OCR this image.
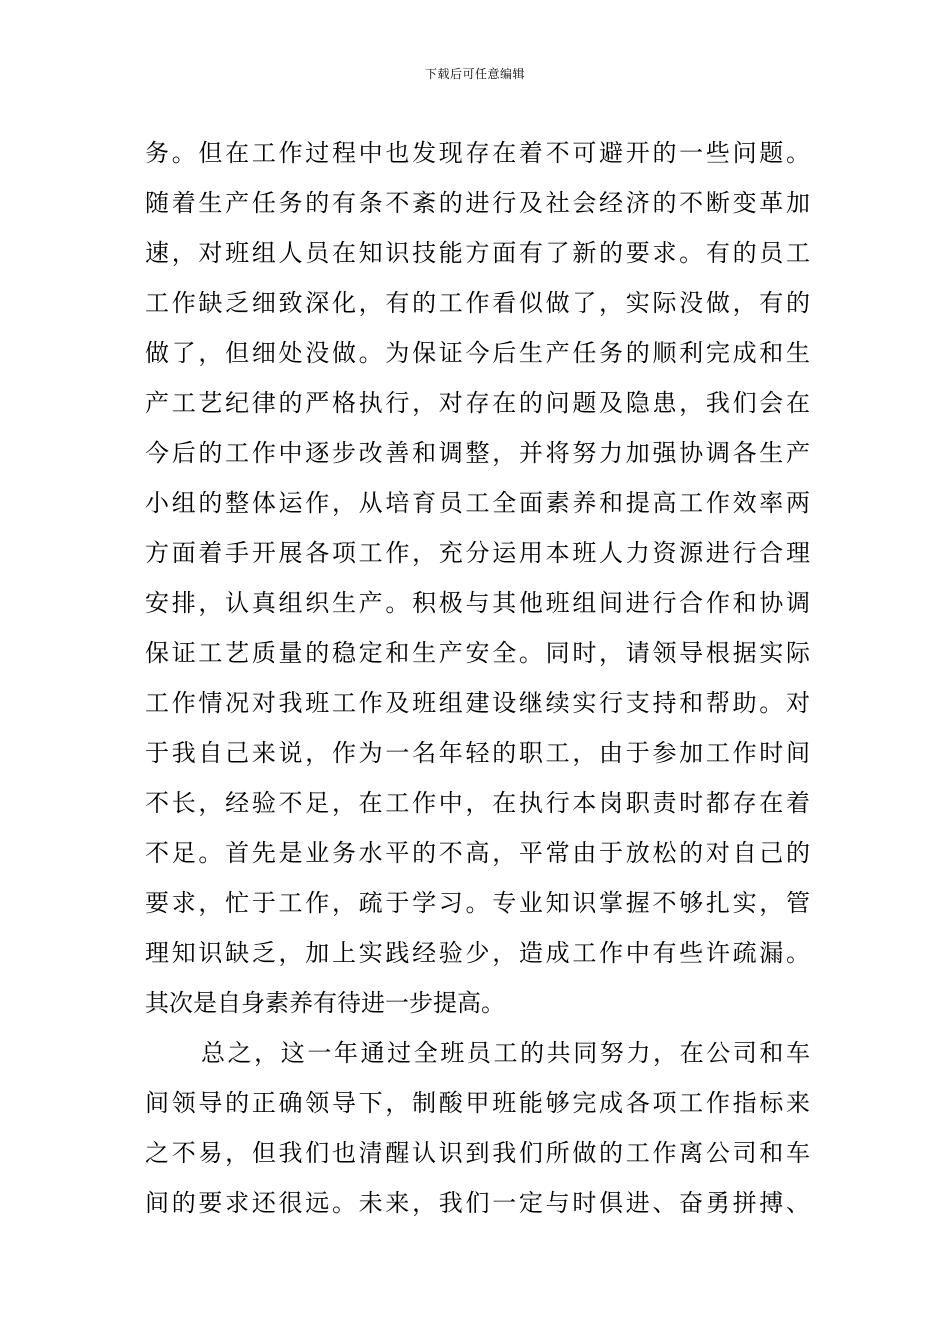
下载后可任意编辑
务。但在工作过程中也发现存在着不可避开的一些问题。
随着生产任务的有条不紊的进行及社会经济的不断变革加
速，对班组人员在知识技能方面有了新的要求。有的员工
工作缺乏细致深化，有的工作看似做了，实际没做，有的
做了，但细处没做。为保证今后生产任务的顺利完成和生
产工艺纪律的严格执行，对存在的问题及隐患，我们会在
今后的工作中逐步改善和调整，并将努力加强协调各生产
小组的整体运作，从培育员工全面素养和提高工作效率两
方面着手开展各项工作，充分运用本班人力资源进行合理
安排，认真组织生产。积极与其他班组间进行合作和协调
保证工艺质量的稳定和生产安全。同时，请领导根据实际
工作情况对我班工作及班组建设继续实行支持和帮助。对
于我自己来说，作为一名年轻的职工，由于参加工作时间
不长，经验不足，在工作中，在执行本岗职责时都存在着
不足。首先是业务水平的不高，平常由于放松的对自己的
要求，忙于工作，疏于学习。专业知识掌握不够扎实，管
理知识缺乏，加上实践经验少，造成工作中有些许疏漏。
其次是自身素养有待进一步提高。
总之，这一年通过全班员工的共同努力，在公司和车
间领导的正确领导下，制酸甲班能够完成各项工作指标来
之不易，但我们也清醒认识到我们所做的工作离公司和车
间的要求还很远。未来，我们一定与时俱进、奋勇拼搏、
